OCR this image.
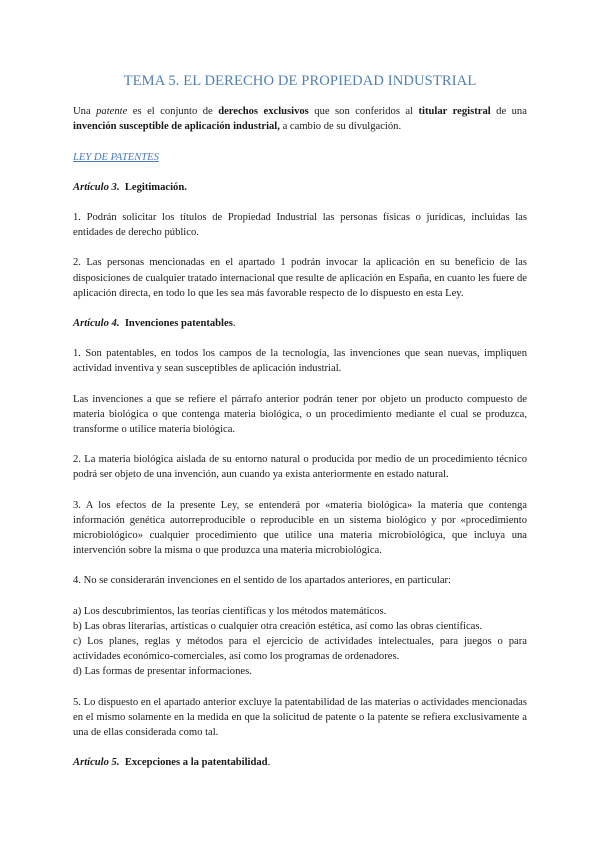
TEMA 5. EL DERECHO DE PROPIEDAD INDUSTRIAL

Una patente es el conjunto de derechos exclusivos que son conferidos al titular registral de una invención susceptible de aplicación industrial, a cambio de su divulgación.

LEY DE PATENTES

Artículo 3. Legitimación.

1. Podrán solicitar los títulos de Propiedad Industrial las personas físicas o jurídicas, incluidas las entidades de derecho público.

2. Las personas mencionadas en el apartado 1 podrán invocar la aplicación en su beneficio de las disposiciones de cualquier tratado internacional que resulte de aplicación en España, en cuanto les fuere de aplicación directa, en todo lo que les sea más favorable respecto de lo dispuesto en esta Ley.

Artículo 4. Invenciones patentables.

1. Son patentables, en todos los campos de la tecnología, las invenciones que sean nuevas, impliquen actividad inventiva y sean susceptibles de aplicación industrial.

Las invenciones a que se refiere el párrafo anterior podrán tener por objeto un producto compuesto de materia biológica o que contenga materia biológica, o un procedimiento mediante el cual se produzca, transforme o utilice materia biológica.

2. La materia biológica aislada de su entorno natural o producida por medio de un procedimiento técnico podrá ser objeto de una invención, aun cuando ya exista anteriormente en estado natural.

3. A los efectos de la presente Ley, se entenderá por «materia biológica» la materia que contenga información genética autorreproducible o reproducible en un sistema biológico y por «procedimiento microbiológico» cualquier procedimiento que utilice una materia microbiológica, que incluya una intervención sobre la misma o que produzca una materia microbiológica.

4. No se considerarán invenciones en el sentido de los apartados anteriores, en particular:

a) Los descubrimientos, las teorías científicas y los métodos matemáticos.

b) Las obras literarias, artísticas o cualquier otra creación estética, así como las obras científicas.

c) Los planes, reglas y métodos para el ejercicio de actividades intelectuales, para juegos o para actividades económico-comerciales, así como los programas de ordenadores.

d) Las formas de presentar informaciones.

5. Lo dispuesto en el apartado anterior excluye la patentabilidad de las materias o actividades mencionadas en el mismo solamente en la medida en que la solicitud de patente o la patente se refiera exclusivamente a una de ellas considerada como tal.

Artículo 5. Excepciones a la patentabilidad.
